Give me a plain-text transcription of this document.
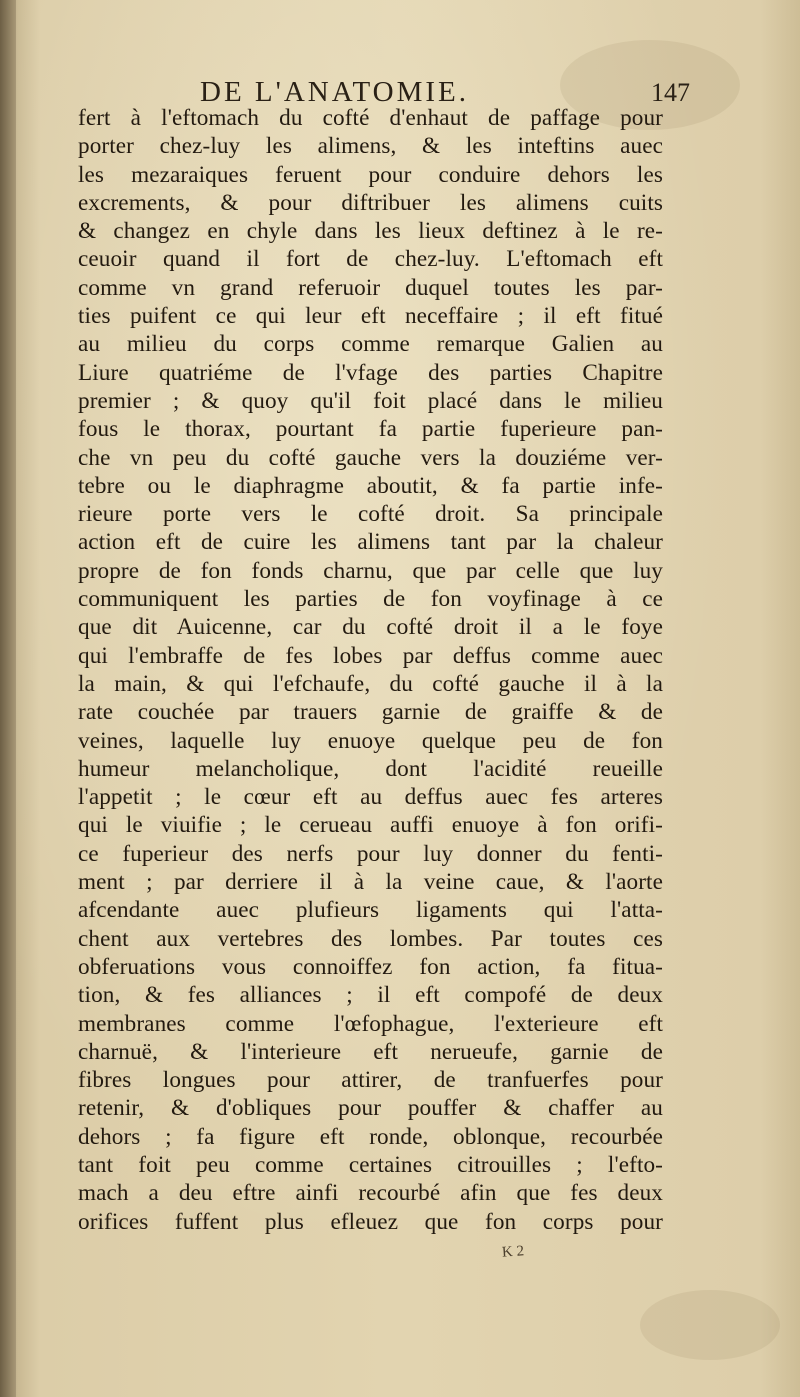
DE L'ANATOMIE.	147
fert à l'eftomach du cofté d'enhaut de paffage pour
porter chez-luy les alimens, & les inteftins auec
les mezaraiques feruent pour conduire dehors les
excrements, & pour diftribuer les alimens cuits
& changez en chyle dans les lieux deftinez à le re-
ceuoir quand il fort de chez-luy. L'eftomach eft
comme vn grand referuoir duquel toutes les par-
ties puifent ce qui leur eft neceffaire ; il eft fitué
au milieu du corps comme remarque Galien au
Liure quatriéme de l'vfage des parties Chapitre
premier ; & quoy qu'il foit placé dans le milieu
fous le thorax, pourtant fa partie fuperieure pan-
che vn peu du cofté gauche vers la douziéme ver-
tebre ou le diaphragme aboutit, & fa partie infe-
rieure porte vers le cofté droit. Sa principale
action eft de cuire les alimens tant par la chaleur
propre de fon fonds charnu, que par celle que luy
communiquent les parties de fon voyfinage à ce
que dit Auicenne, car du cofté droit il a le foye
qui l'embraffe de fes lobes par deffus comme auec
la main, & qui l'efchaufe, du cofté gauche il à la
rate couchée par trauers garnie de graiffe & de
veines, laquelle luy enuoye quelque peu de fon
humeur melancholique, dont l'acidité reueille
l'appetit ; le cœur eft au deffus auec fes arteres
qui le viuifie ; le cerueau auffi enuoye à fon orifi-
ce fuperieur des nerfs pour luy donner du fenti-
ment ; par derriere il à la veine caue, & l'aorte
afcendante auec plufieurs ligaments qui l'atta-
chent aux vertebres des lombes. Par toutes ces
obferuations vous connoiffez fon action, fa fitua-
tion, & fes alliances ; il eft compofé de deux
membranes comme l'œfophague, l'exterieure eft
charnuë, & l'interieure eft nerueufe, garnie de
fibres longues pour attirer, de tranfuerfes pour
retenir, & d'obliques pour pouffer & chaffer au
dehors ; fa figure eft ronde, oblonque, recourbée
tant foit peu comme certaines citrouilles ; l'efto-
mach a deu eftre ainfi recourbé afin que fes deux
orifices fuffent plus efleuez que fon corps pour
K 2
